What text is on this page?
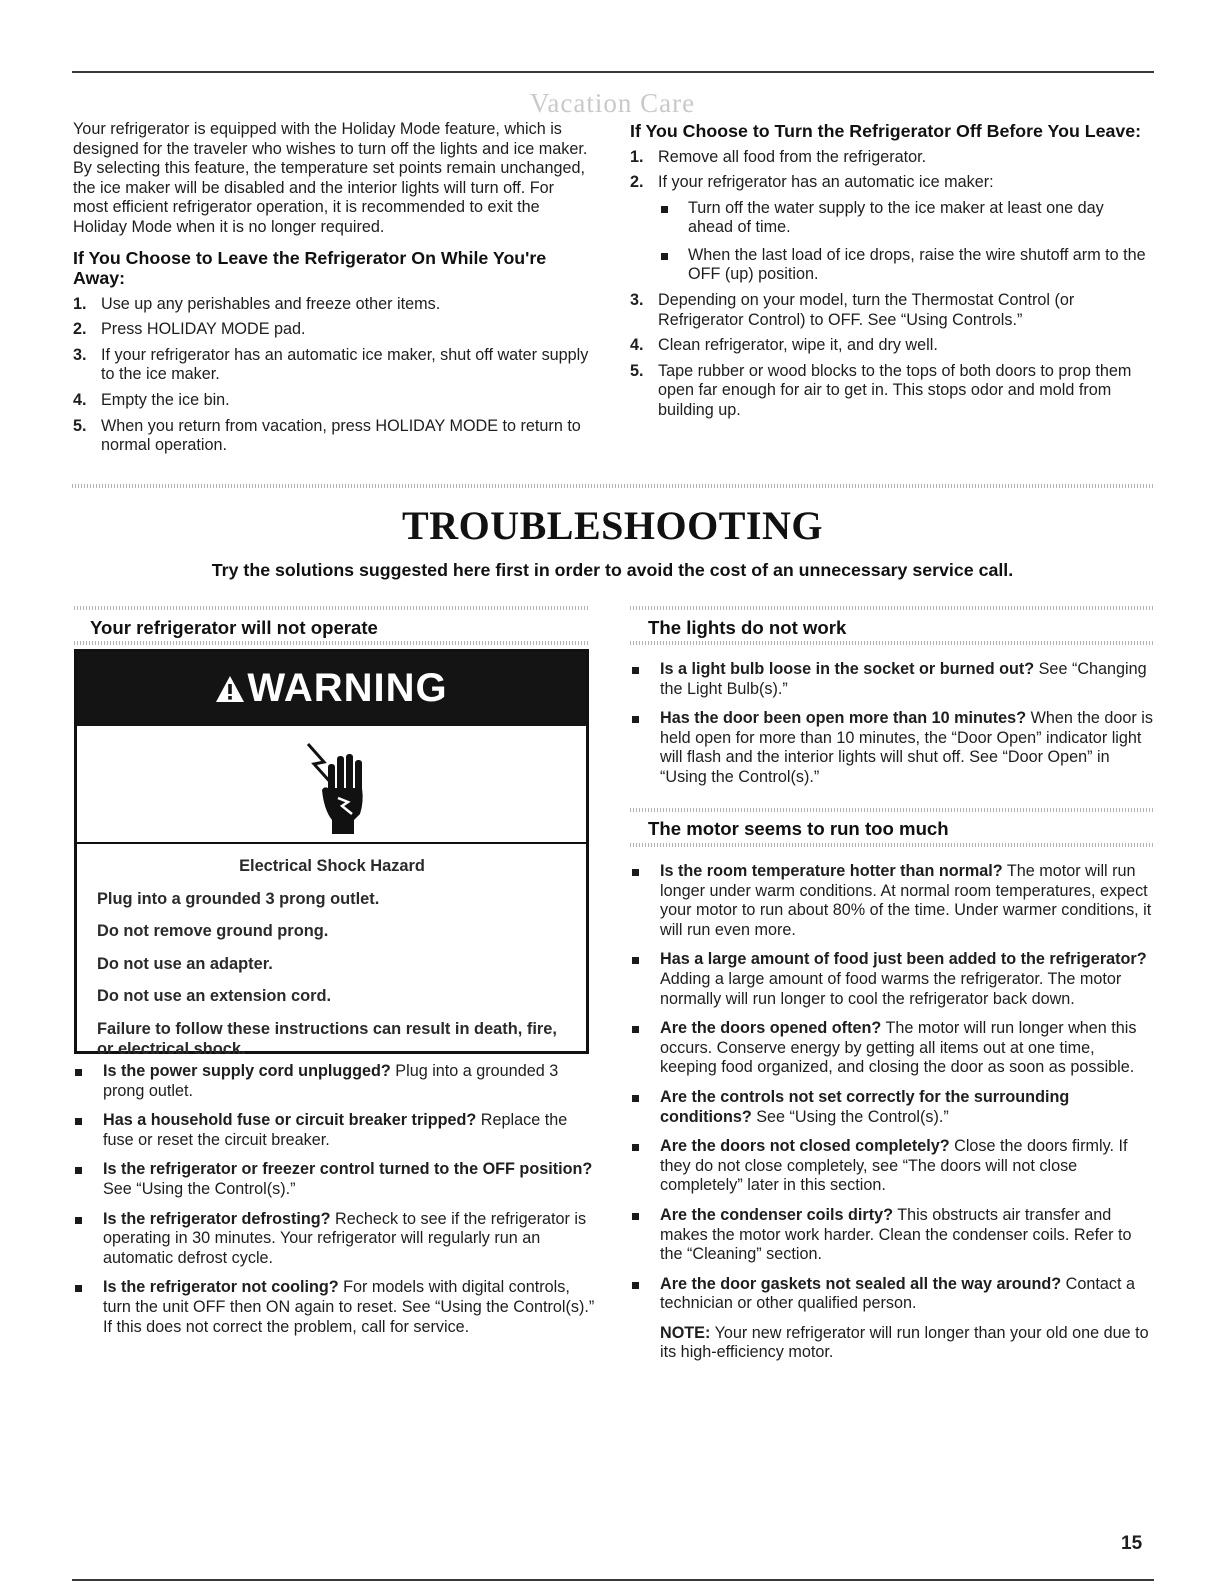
Vacation Care

Your refrigerator is equipped with the Holiday Mode feature, which is designed for the traveler who wishes to turn off the lights and ice maker. By selecting this feature, the temperature set points remain unchanged, the ice maker will be disabled and the interior lights will turn off. For most efficient refrigerator operation, it is recommended to exit the Holiday Mode when it is no longer required.

If You Choose to Leave the Refrigerator On While You're Away:

1. Use up any perishables and freeze other items.
2. Press HOLIDAY MODE pad.
3. If your refrigerator has an automatic ice maker, shut off water supply to the ice maker.
4. Empty the ice bin.
5. When you return from vacation, press HOLIDAY MODE to return to normal operation.

If You Choose to Turn the Refrigerator Off Before You Leave:

1. Remove all food from the refrigerator.
2. If your refrigerator has an automatic ice maker:
Turn off the water supply to the ice maker at least one day ahead of time.
When the last load of ice drops, raise the wire shutoff arm to the OFF (up) position.
3. Depending on your model, turn the Thermostat Control (or Refrigerator Control) to OFF. See “Using Controls.”
4. Clean refrigerator, wipe it, and dry well.
5. Tape rubber or wood blocks to the tops of both doors to prop them open far enough for air to get in. This stops odor and mold from building up.
TROUBLESHOOTING
Try the solutions suggested here first in order to avoid the cost of an unnecessary service call.
Your refrigerator will not operate
WARNING

Electrical Shock Hazard

Plug into a grounded 3 prong outlet.

Do not remove ground prong.

Do not use an adapter.

Do not use an extension cord.

Failure to follow these instructions can result in death, fire, or electrical shock.

Is the power supply cord unplugged? Plug into a grounded 3 prong outlet.
Has a household fuse or circuit breaker tripped? Replace the fuse or reset the circuit breaker.
Is the refrigerator or freezer control turned to the OFF position? See “Using the Control(s).”
Is the refrigerator defrosting? Recheck to see if the refrigerator is operating in 30 minutes. Your refrigerator will regularly run an automatic defrost cycle.
Is the refrigerator not cooling? For models with digital controls, turn the unit OFF then ON again to reset. See “Using the Control(s).” If this does not correct the problem, call for service.
The lights do not work
Is a light bulb loose in the socket or burned out? See “Changing the Light Bulb(s).”
Has the door been open more than 10 minutes? When the door is held open for more than 10 minutes, the “Door Open” indicator light will flash and the interior lights will shut off. See “Door Open” in “Using the Control(s).”
The motor seems to run too much
Is the room temperature hotter than normal? The motor will run longer under warm conditions. At normal room temperatures, expect your motor to run about 80% of the time. Under warmer conditions, it will run even more.
Has a large amount of food just been added to the refrigerator? Adding a large amount of food warms the refrigerator. The motor normally will run longer to cool the refrigerator back down.
Are the doors opened often? The motor will run longer when this occurs. Conserve energy by getting all items out at one time, keeping food organized, and closing the door as soon as possible.
Are the controls not set correctly for the surrounding conditions? See “Using the Control(s).”
Are the doors not closed completely? Close the doors firmly. If they do not close completely, see “The doors will not close completely” later in this section.
Are the condenser coils dirty? This obstructs air transfer and makes the motor work harder. Clean the condenser coils. Refer to the “Cleaning” section.
Are the door gaskets not sealed all the way around? Contact a technician or other qualified person.

NOTE: Your new refrigerator will run longer than your old one due to its high-efficiency motor.

15
